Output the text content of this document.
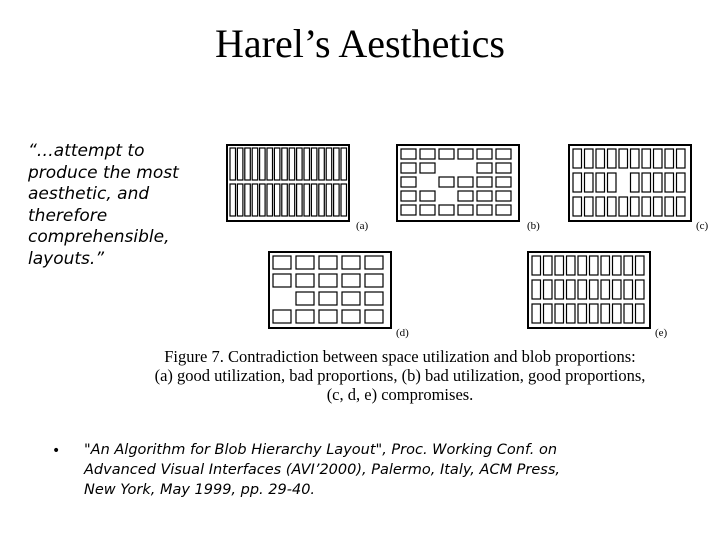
Harel’s Aesthetics
“…attempt to
produce the most
aesthetic, and
therefore
comprehensible,
layouts.”
(a)	(b)	(c)
(d)	(e)
Figure 7. Contradiction between space utilization and blob proportions:
(a) good utilization, bad proportions, (b) bad utilization, good proportions,
(c, d, e) compromises.
• "An Algorithm for Blob Hierarchy Layout", Proc. Working Conf. on
Advanced Visual Interfaces (AVI’2000), Palermo, Italy, ACM Press,
New York, May 1999, pp. 29-40.
